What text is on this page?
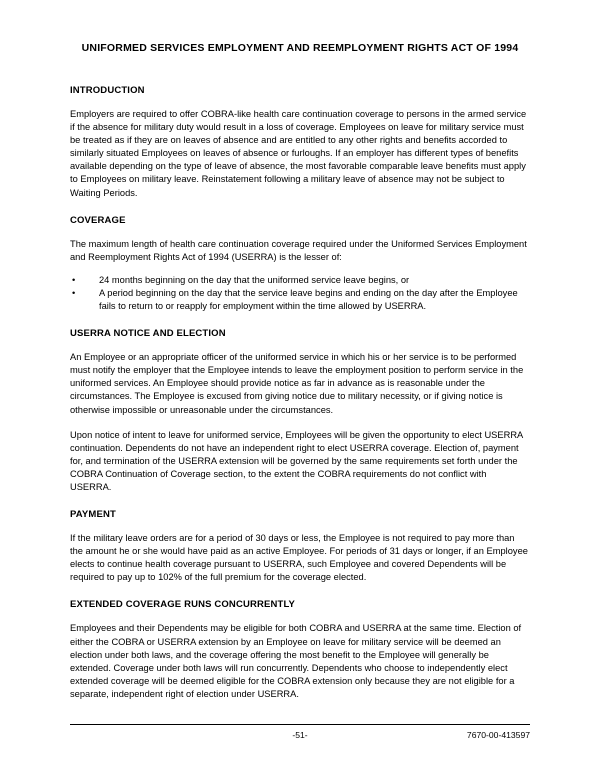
UNIFORMED SERVICES EMPLOYMENT AND REEMPLOYMENT RIGHTS ACT OF 1994
INTRODUCTION

Employers are required to offer COBRA-like health care continuation coverage to persons in the armed service if the absence for military duty would result in a loss of coverage. Employees on leave for military service must be treated as if they are on leaves of absence and are entitled to any other rights and benefits accorded to similarly situated Employees on leaves of absence or furloughs. If an employer has different types of benefits available depending on the type of leave of absence, the most favorable comparable leave benefits must apply to Employees on military leave. Reinstatement following a military leave of absence may not be subject to Waiting Periods.

COVERAGE

The maximum length of health care continuation coverage required under the Uniformed Services Employment and Reemployment Rights Act of 1994 (USERRA) is the lesser of:

•	24 months beginning on the day that the uniformed service leave begins, or
•	A period beginning on the day that the service leave begins and ending on the day after the Employee fails to return to or reapply for employment within the time allowed by USERRA.
USERRA NOTICE AND ELECTION

An Employee or an appropriate officer of the uniformed service in which his or her service is to be performed must notify the employer that the Employee intends to leave the employment position to perform service in the uniformed services. An Employee should provide notice as far in advance as is reasonable under the circumstances. The Employee is excused from giving notice due to military necessity, or if giving notice is otherwise impossible or unreasonable under the circumstances.

Upon notice of intent to leave for uniformed service, Employees will be given the opportunity to elect USERRA continuation. Dependents do not have an independent right to elect USERRA coverage. Election of, payment for, and termination of the USERRA extension will be governed by the same requirements set forth under the COBRA Continuation of Coverage section, to the extent the COBRA requirements do not conflict with USERRA.

PAYMENT

If the military leave orders are for a period of 30 days or less, the Employee is not required to pay more than the amount he or she would have paid as an active Employee. For periods of 31 days or longer, if an Employee elects to continue health coverage pursuant to USERRA, such Employee and covered Dependents will be required to pay up to 102% of the full premium for the coverage elected.

EXTENDED COVERAGE RUNS CONCURRENTLY

Employees and their Dependents may be eligible for both COBRA and USERRA at the same time. Election of either the COBRA or USERRA extension by an Employee on leave for military service will be deemed an election under both laws, and the coverage offering the most benefit to the Employee will generally be extended. Coverage under both laws will run concurrently. Dependents who choose to independently elect extended coverage will be deemed eligible for the COBRA extension only because they are not eligible for a separate, independent right of election under USERRA.

-51-	7670-00-413597
